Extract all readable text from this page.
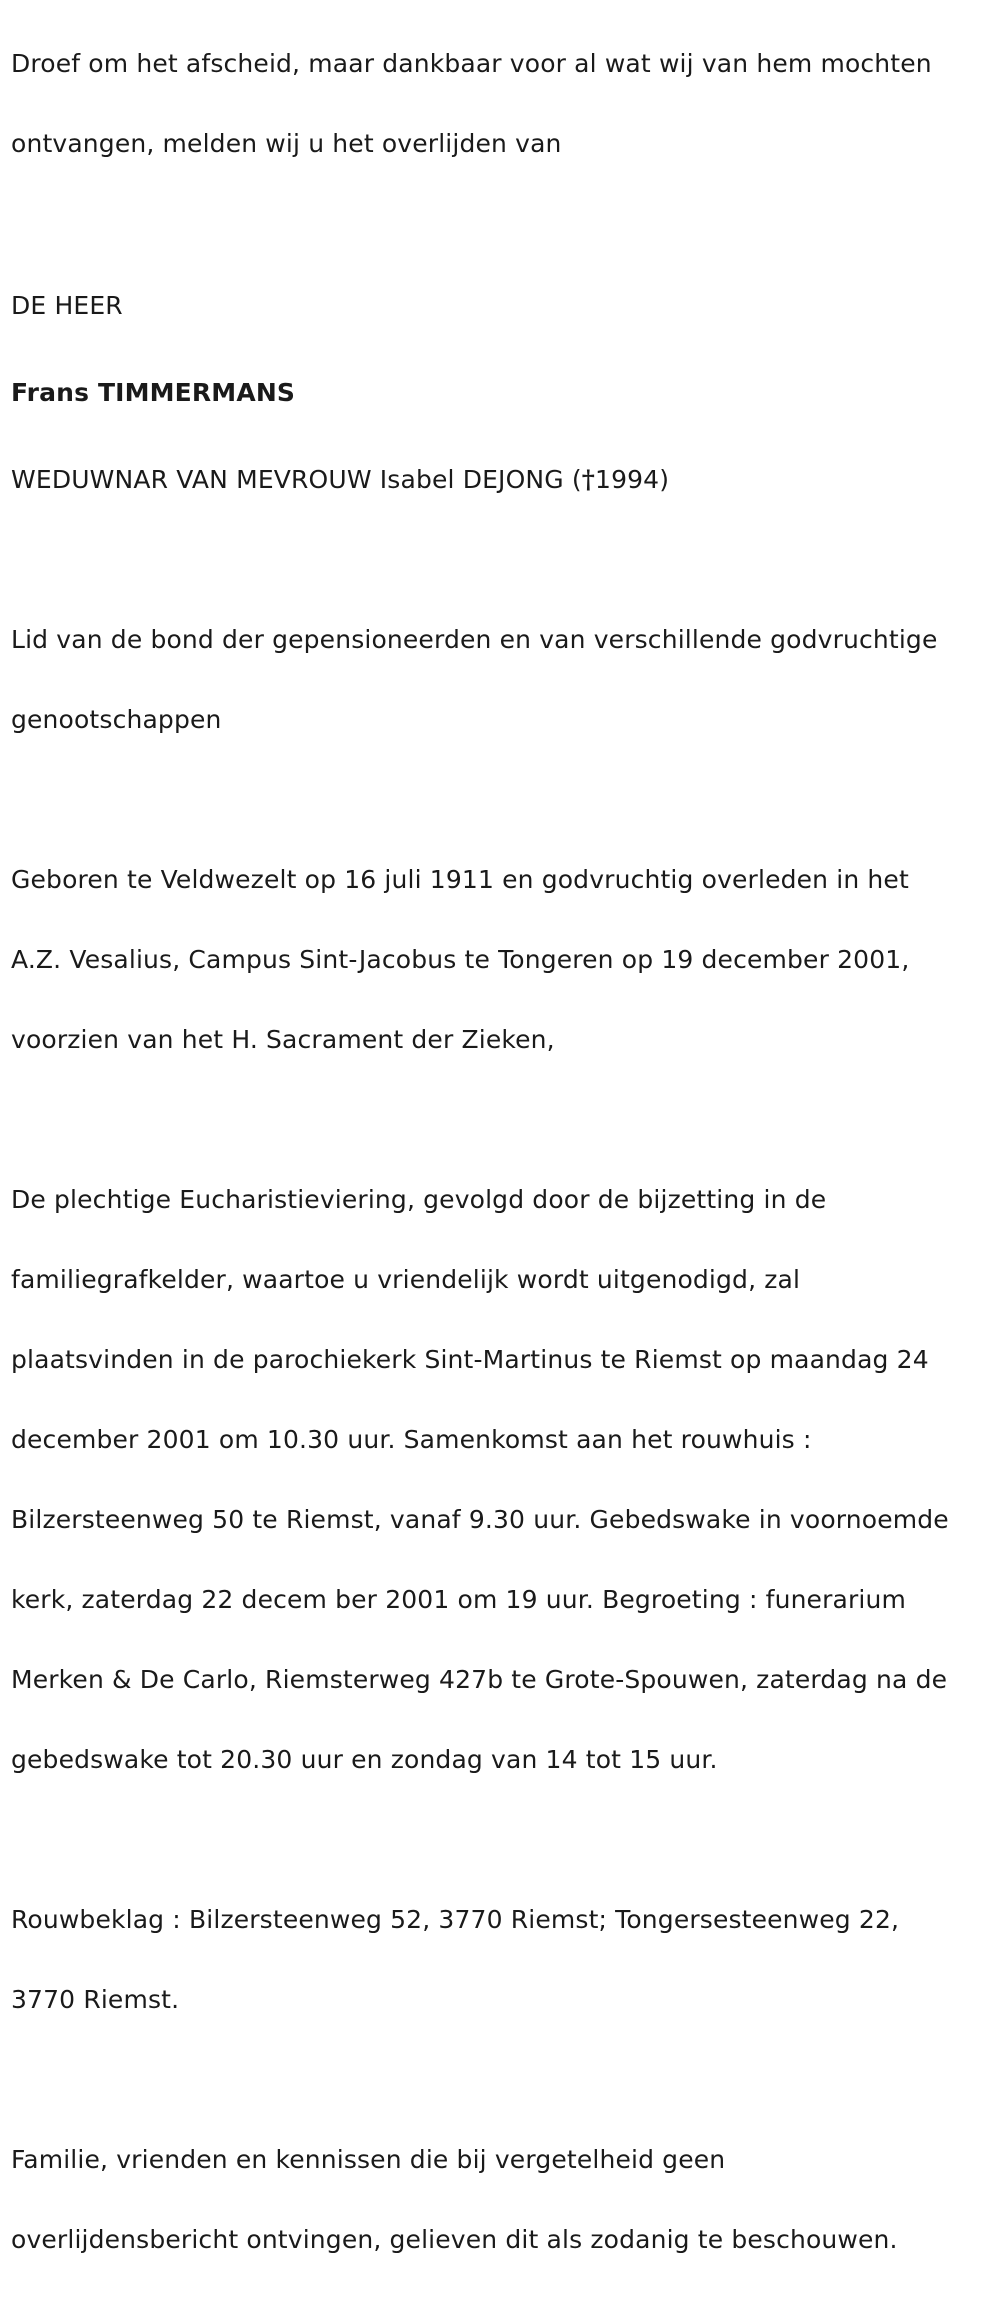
Droef om het afscheid, maar dankbaar voor al wat wij van hem mochten

ontvangen, melden wij u het overlijden van

DE HEER

Frans TIMMERMANS

WEDUWNAR VAN MEVROUW Isabel DEJONG (†1994)

Lid van de bond der gepensioneerden en van verschillende godvruchtige

genootschappen

Geboren te Veldwezelt op 16 juli 1911 en godvruchtig overleden in het

A.Z. Vesalius, Campus Sint-Jacobus te Tongeren op 19 december 2001,

voorzien van het H. Sacrament der Zieken,

De plechtige Eucharistieviering, gevolgd door de bijzetting in de

familiegrafkelder, waartoe u vriendelijk wordt uitgenodigd, zal

plaatsvinden in de parochiekerk Sint-Martinus te Riemst op maandag 24

december 2001 om 10.30 uur. Samenkomst aan het rouwhuis :

Bilzersteenweg 50 te Riemst, vanaf 9.30 uur. Gebedswake in voornoemde

kerk, zaterdag 22 decem ber 2001 om 19 uur. Begroeting : funerarium

Merken & De Carlo, Riemsterweg 427b te Grote-Spouwen, zaterdag na de

gebedswake tot 20.30 uur en zondag van 14 tot 15 uur.

Rouwbeklag : Bilzersteenweg 52, 3770 Riemst; Tongersesteenweg 22,

3770 Riemst.

Familie, vrienden en kennissen die bij vergetelheid geen

overlijdensbericht ontvingen, gelieven dit als zodanig te beschouwen.
